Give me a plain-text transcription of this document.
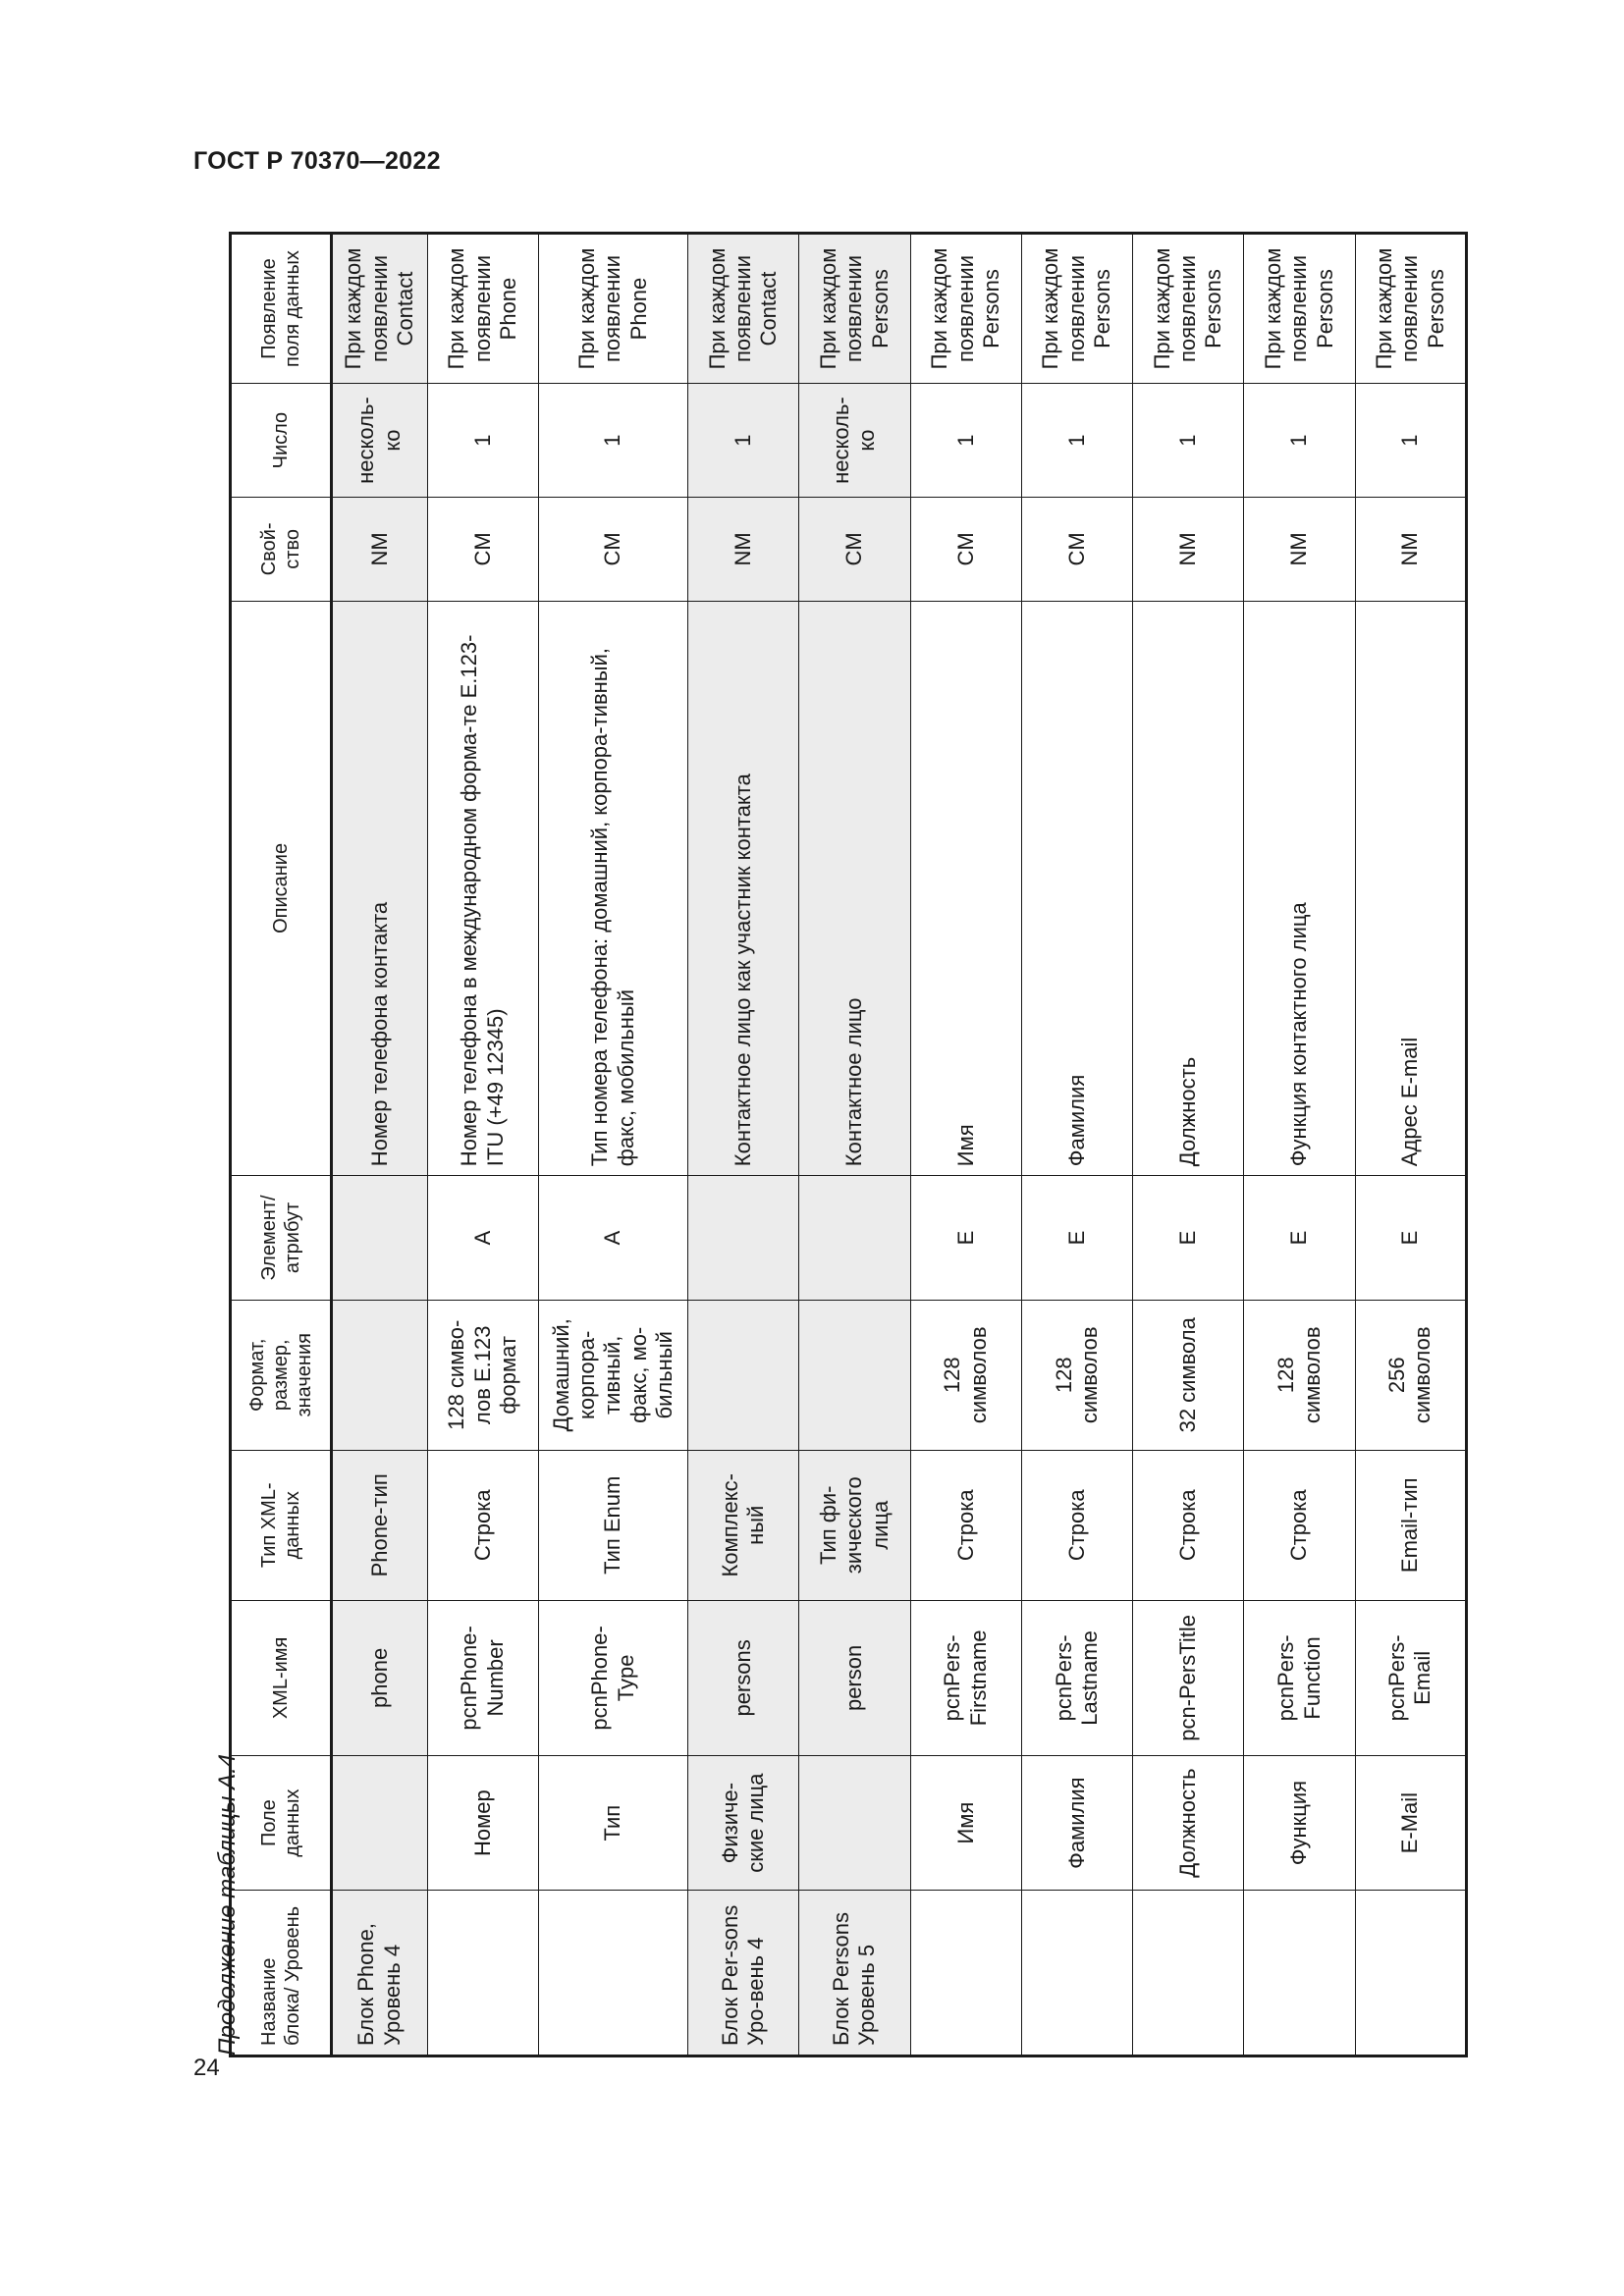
ГОСТ Р 70370—2022
Продолжение таблицы А.4 Название блока/ Уровень	Поле данных	XML-имя	Тип XML-данных	Формат, размер, значения	Элемент/ атрибут	Описание	Свой-ство	Число	Появление поля данных
Блок Phone, Уровень 4		phone	Phone-тип			Номер телефона контакта	NM	несколь-ко	При каждом появлении Contact
	Номер	pcnPhone-Number	Строка	128 симво-лов E.123 формат	A	Номер телефона в международном форма-те E.123-ITU (+49 12345)	CM	1	При каждом появлении Phone
	Тип	pcnPhone-Type	Тип Enum	Домашний, корпора-тивный, факс, мо-бильный	A	Тип номера телефона: домашний, корпора-тивный, факс, мобильный	CM	1	При каждом появлении Phone
Блок Per-sons Уро-вень 4	Физиче-ские лица	persons	Комплекс-ный			Контактное лицо как участник контакта	NM	1	При каждом появлении Contact
Блок Persons Уровень 5		person	Тип фи-зического лица			Контактное лицо	CM	несколь-ко	При каждом появлении Persons
	Имя	pcnPers-Firstname	Строка	128 символов	E	Имя	CM	1	При каждом появлении Persons
	Фамилия	pcnPers-Lastname	Строка	128 символов	E	Фамилия	CM	1	При каждом появлении Persons
	Должность	pcn-PersTitle	Строка	32 символа	E	Должность	NM	1	При каждом появлении Persons
	Функция	pcnPers-Function	Строка	128 символов	E	Функция контактного лица	NM	1	При каждом появлении Persons
	E-Mail	pcnPers-Email	Email-тип	256 символов	E	Адрес E-mail	NM	1	При каждом появлении Persons
24
